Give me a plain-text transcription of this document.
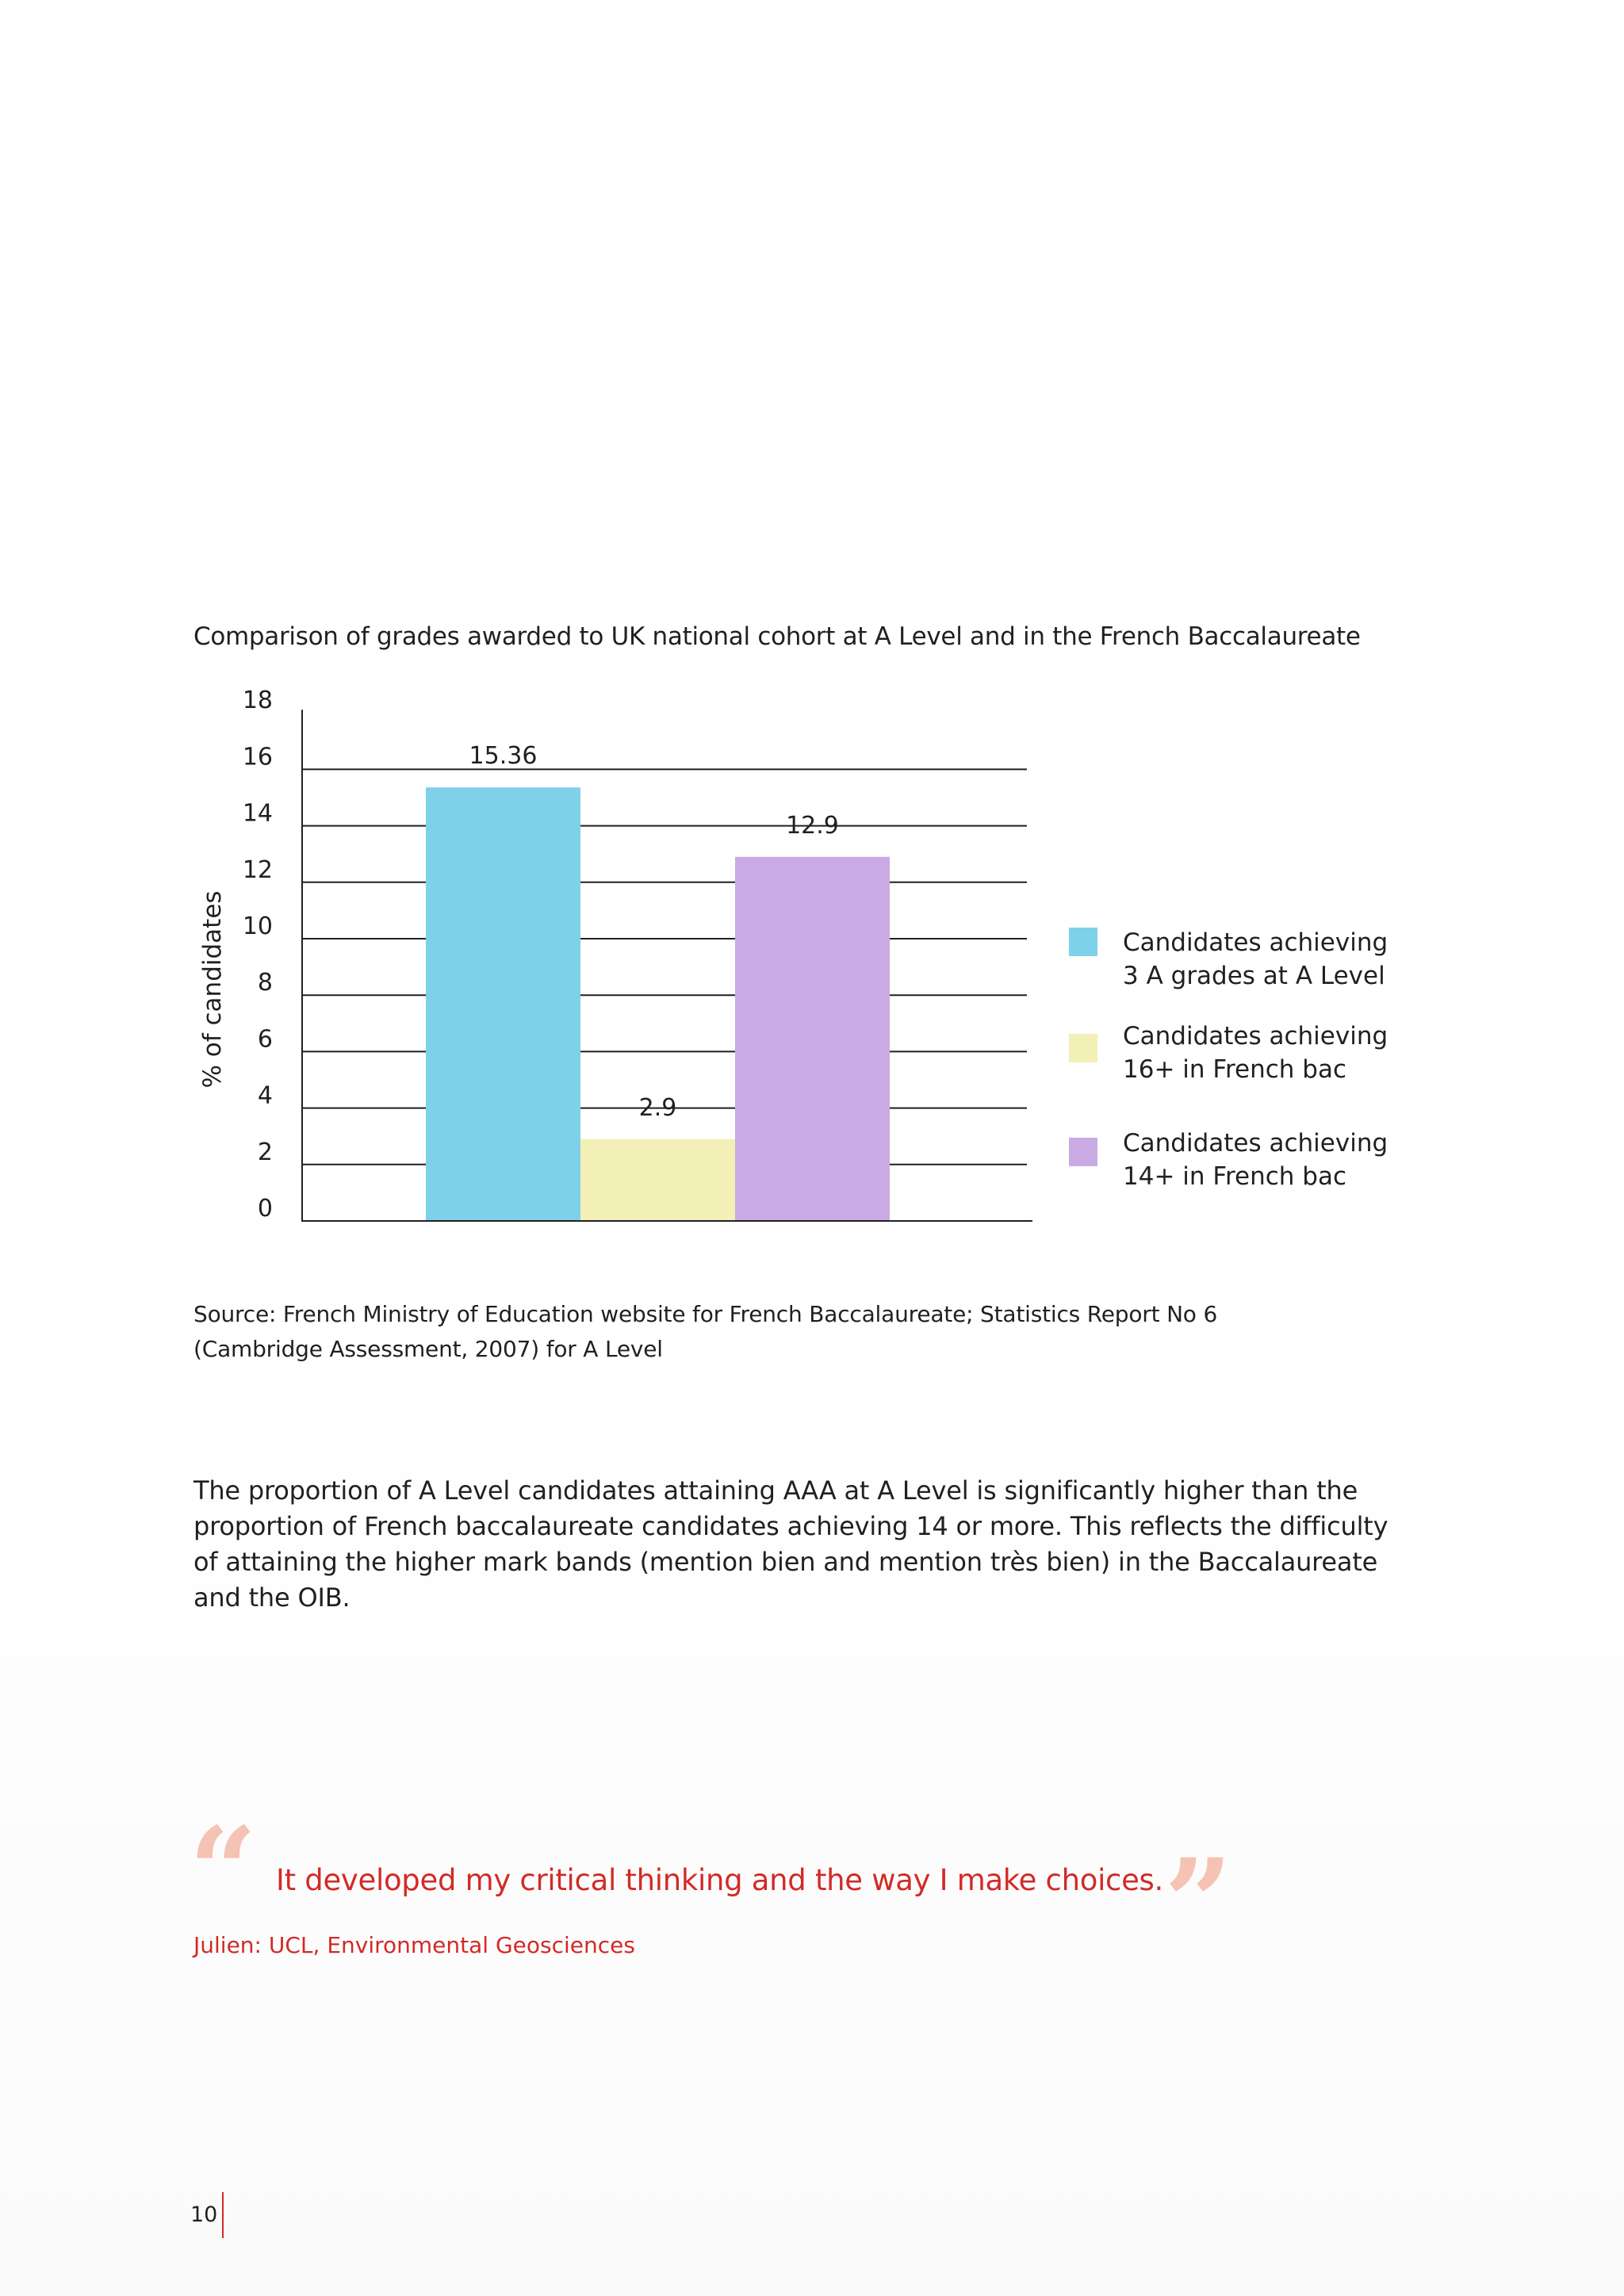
Comparison of grades awarded to UK national cohort at A Level and in the French Baccalaureate
15.36
2.9
12.9
0
2
4
6
8
10
12
14
16
18
% of candidates	Candidates achieving
3 A grades at A Level
Candidates achieving
16+ in French bac
Candidates achieving
14+ in French bac
Source: French Ministry of Education website for French Baccalaureate; Statistics Report No 6
(Cambridge Assessment, 2007) for A Level
The proportion of A Level candidates attaining AAA at A Level is significantly higher than the proportion of French baccalaureate candidates achieving 14 or more. This reflects the difficulty of attaining the higher mark bands (mention bien and mention très bien) in the Baccalaureate and the OIB.
“ It developed my critical thinking and the way I make choices. ”
Julien: UCL, Environmental Geosciences
10
